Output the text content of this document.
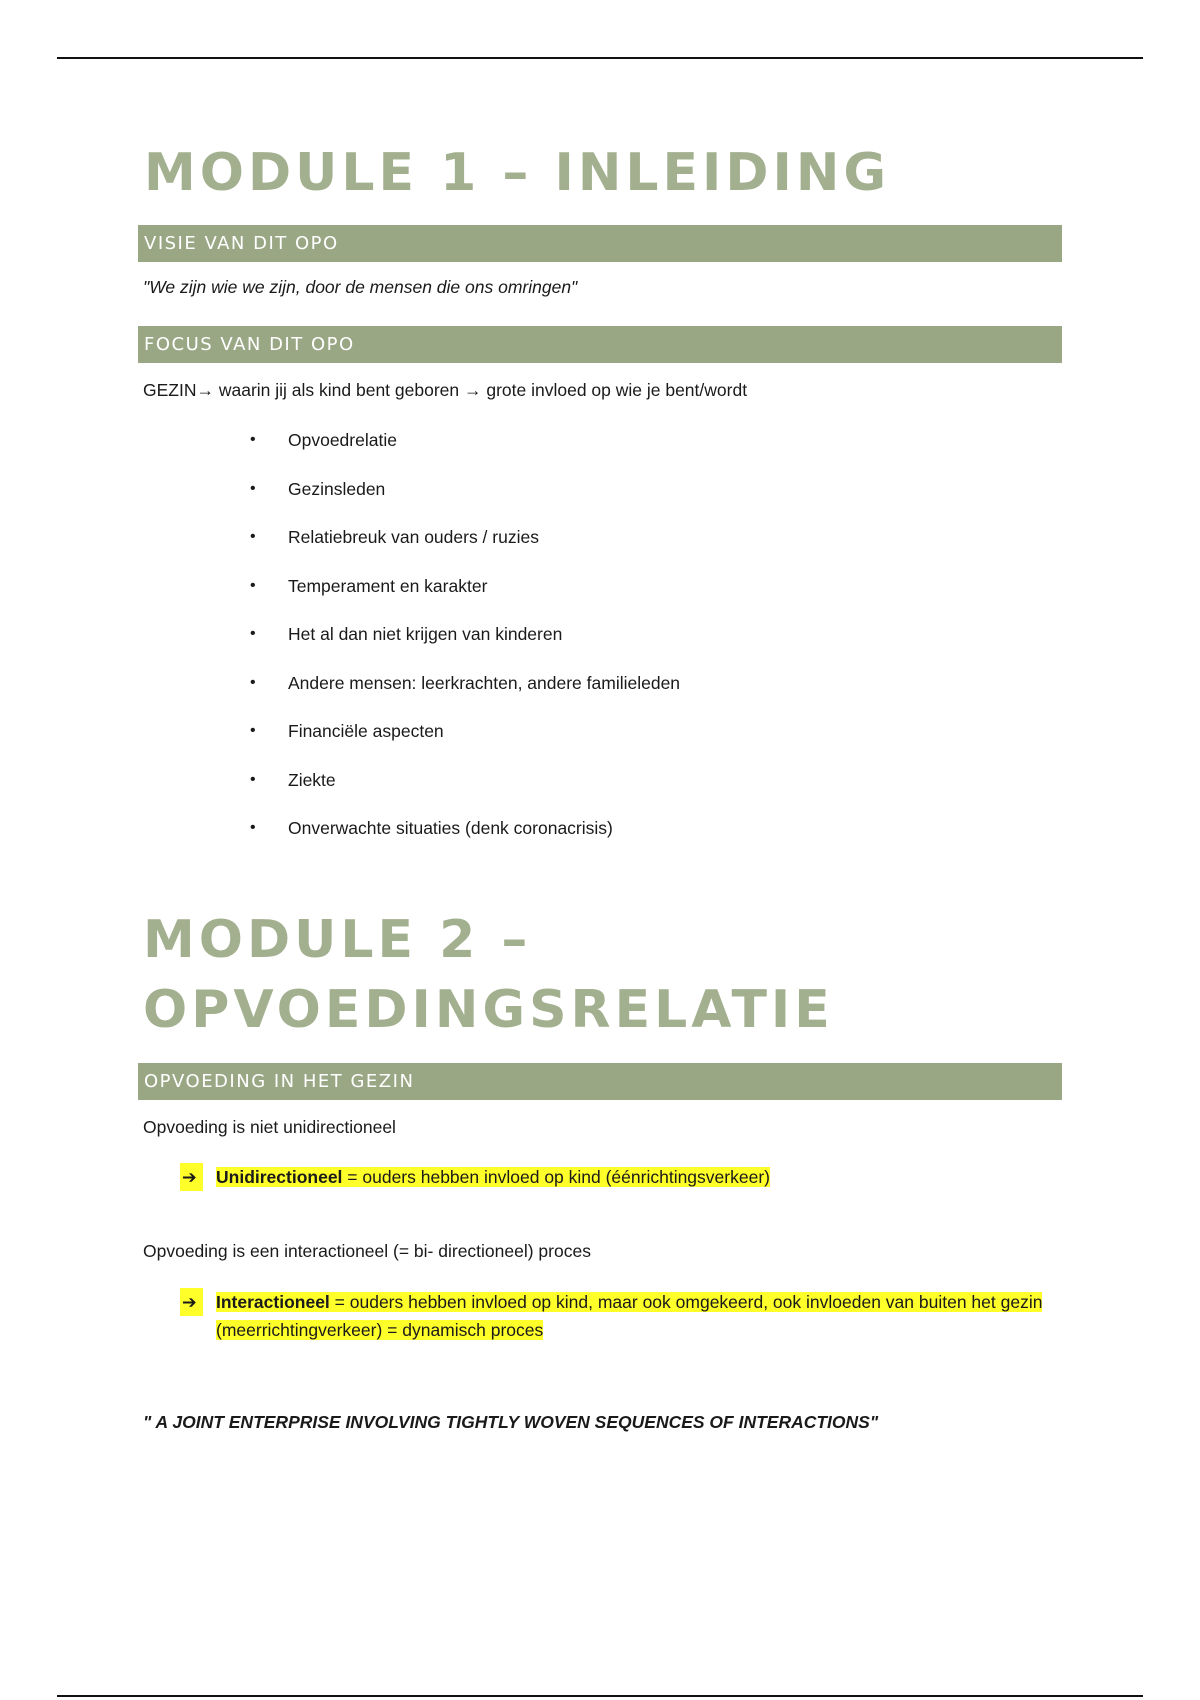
MODULE 1 – INLEIDING
VISIE VAN DIT OPO

"We zijn wie we zijn, door de mensen die ons omringen"

FOCUS VAN DIT OPO

GEZIN→ waarin jij als kind bent geboren → grote invloed op wie je bent/wordt

• Opvoedrelatie
• Gezinsleden
• Relatiebreuk van ouders / ruzies
• Temperament en karakter
• Het al dan niet krijgen van kinderen
• Andere mensen: leerkrachten, andere familieleden
• Financiële aspecten
• Ziekte
• Onverwachte situaties (denk coronacrisis)
MODULE 2 –
OPVOEDINGSRELATIE
OPVOEDING IN HET GEZIN

Opvoeding is niet unidirectioneel

➔	Unidirectioneel = ouders hebben invloed op kind (éénrichtingsverkeer)

Opvoeding is een interactioneel (= bi- directioneel) proces

➔	Interactioneel = ouders hebben invloed op kind, maar ook omgekeerd, ook invloeden van buiten het gezin (meerrichtingverkeer) = dynamisch proces

" A JOINT ENTERPRISE INVOLVING TIGHTLY WOVEN SEQUENCES OF INTERACTIONS"
